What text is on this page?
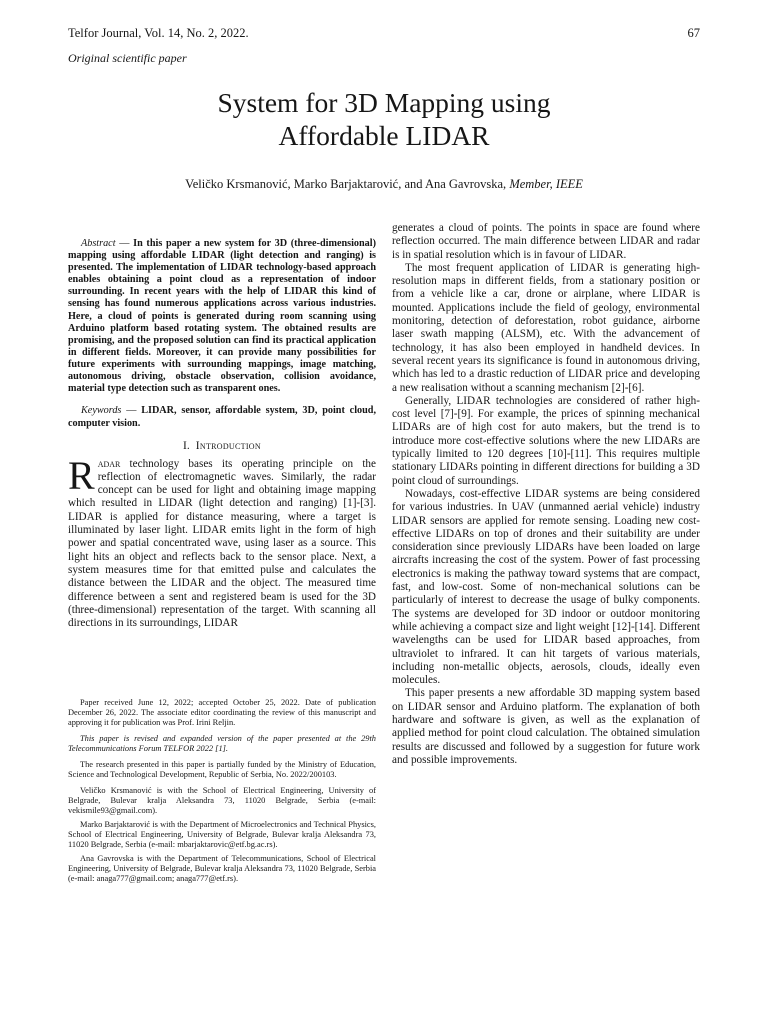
Telfor Journal, Vol. 14, No. 2, 2022.	67
Original scientific paper
System for 3D Mapping using
Affordable LIDAR
Veličko Krsmanović, Marko Barjaktarović, and Ana Gavrovska, Member, IEEE

Abstract — In this paper a new system for 3D (three-dimensional) mapping using affordable LIDAR (light detection and ranging) is presented. The implementation of LIDAR technology-based approach enables obtaining a point cloud as a representation of indoor surrounding. In recent years with the help of LIDAR this kind of sensing has found numerous applications across various industries. Here, a cloud of points is generated during room scanning using Arduino platform based rotating system. The obtained results are promising, and the proposed solution can find its practical application in different fields. Moreover, it can provide many possibilities for future experiments with surrounding mappings, image matching, autonomous driving, obstacle observation, collision avoidance, material type detection such as transparent ones.

Keywords — LIDAR, sensor, affordable system, 3D, point cloud, computer vision.

I. Introduction

Radar technology bases its operating principle on the reflection of electromagnetic waves. Similarly, the radar concept can be used for light and obtaining image mapping which resulted in LIDAR (light detection and ranging) [1]-[3]. LIDAR is applied for distance measuring, where a target is illuminated by laser light. LIDAR emits light in the form of high power and spatial concentrated wave, using laser as a source. This light hits an object and reflects back to the sensor place. Next, a system measures time for that emitted pulse and calculates the distance between the LIDAR and the object. The measured time difference between a sent and registered beam is used for the 3D (three-dimensional) representation of the target. With scanning all directions in its surroundings, LIDAR

Paper received June 12, 2022; accepted October 25, 2022. Date of publication December 26, 2022. The associate editor coordinating the review of this manuscript and approving it for publication was Prof. Irini Reljin.

This paper is revised and expanded version of the paper presented at the 29th Telecommunications Forum TELFOR 2022 [1].

The research presented in this paper is partially funded by the Ministry of Education, Science and Technological Development, Republic of Serbia, No. 2022/200103.

Veličko Krsmanović is with the School of Electrical Engineering, University of Belgrade, Bulevar kralja Aleksandra 73, 11020 Belgrade, Serbia (e-mail: vekismile93@gmail.com).

Marko Barjaktarović is with the Department of Microelectronics and Technical Physics, School of Electrical Engineering, University of Belgrade, Bulevar kralja Aleksandra 73, 11020 Belgrade, Serbia (e-mail: mbarjaktarovic@etf.bg.ac.rs).

Ana Gavrovska is with the Department of Telecommunications, School of Electrical Engineering, University of Belgrade, Bulevar kralja Aleksandra 73, 11020 Belgrade, Serbia (e-mail: anaga777@gmail.com; anaga777@etf.rs).

generates a cloud of points. The points in space are found where reflection occurred. The main difference between LIDAR and radar is in spatial resolution which is in favour of LIDAR.

The most frequent application of LIDAR is generating high-resolution maps in different fields, from a stationary position or from a vehicle like a car, drone or airplane, where LIDAR is mounted. Applications include the field of geology, environmental monitoring, detection of deforestation, robot guidance, airborne laser swath mapping (ALSM), etc. With the advancement of technology, it has also been employed in handheld devices. In several recent years its significance is found in autonomous driving, which has led to a drastic reduction of LIDAR price and developing a new realisation without a scanning mechanism [2]-[6].

Generally, LIDAR technologies are considered of rather high-cost level [7]-[9]. For example, the prices of spinning mechanical LIDARs are of high cost for auto makers, but the trend is to introduce more cost-effective solutions where the new LIDARs are typically limited to 120 degrees [10]-[11]. This requires multiple stationary LIDARs pointing in different directions for building a 3D point cloud of surroundings.

Nowadays, cost-effective LIDAR systems are being considered for various industries. In UAV (unmanned aerial vehicle) industry LIDAR sensors are applied for remote sensing. Loading new cost-effective LIDARs on top of drones and their suitability are under consideration since previously LIDARs have been loaded on large aircrafts increasing the cost of the system. Power of fast processing electronics is making the pathway toward systems that are compact, fast, and low-cost. Some of non-mechanical solutions can be particularly of interest to decrease the usage of bulky components. The systems are developed for 3D indoor or outdoor monitoring while achieving a compact size and light weight [12]-[14]. Different wavelengths can be used for LIDAR based approaches, from ultraviolet to infrared. It can hit targets of various materials, including non-metallic objects, aerosols, clouds, ideally even molecules.

This paper presents a new affordable 3D mapping system based on LIDAR sensor and Arduino platform. The explanation of both hardware and software is given, as well as the explanation of applied method for point cloud calculation. The obtained simulation results are discussed and followed by a suggestion for future work and possible improvements.
